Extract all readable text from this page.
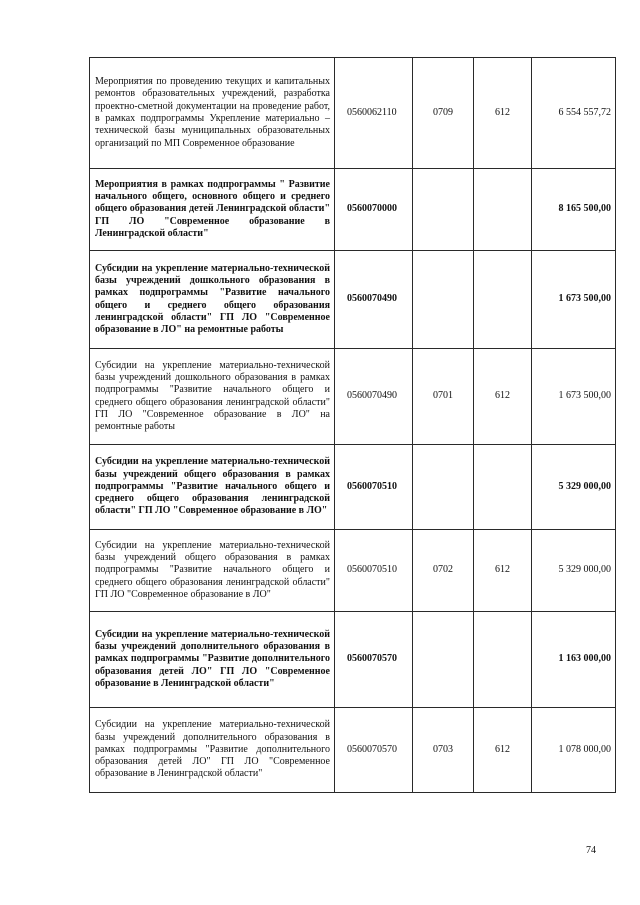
Мероприятия по проведению текущих и капитальных ремонтов образовательных учреждений, разработка проектно-сметной документации на проведение работ, в рамках подпрограммы Укрепление материально – технической базы муниципальных образовательных организаций по МП Современное образование	0560062110	0709	612	6 554 557,72
Мероприятия в рамках подпрограммы " Развитие начального общего, основного общего и среднего общего образования детей Ленинградской области" ГП ЛО "Современное образование в Ленинградской области"	0560070000			8 165 500,00
Субсидии на укрепление материально-технической базы учреждений дошкольного образования в рамках подпрограммы "Развитие начального общего и среднего общего образования ленинградской области" ГП ЛО "Современное образование в ЛО" на ремонтные работы	0560070490			1 673 500,00
Субсидии на укрепление материально-технической базы учреждений дошкольного образования в рамках подпрограммы "Развитие начального общего и среднего общего образования ленинградской области" ГП ЛО "Современное образование в ЛО" на ремонтные работы	0560070490	0701	612	1 673 500,00
Субсидии на укрепление материально-технической базы учреждений общего образования в рамках подпрограммы "Развитие начального общего и среднего общего образования ленинградской области" ГП ЛО "Современное образование в ЛО"	0560070510			5 329 000,00
Субсидии на укрепление материально-технической базы учреждений общего образования в рамках подпрограммы "Развитие начального общего и среднего общего образования ленинградской области" ГП ЛО "Современное образование в ЛО"	0560070510	0702	612	5 329 000,00
Субсидии на укрепление материально-технической базы учреждений дополнительного образования в рамках подпрограммы "Развитие дополнительного образования детей ЛО" ГП ЛО "Современное образование в Ленинградской области"	0560070570			1 163 000,00
Субсидии на укрепление материально-технической базы учреждений дополнительного образования в рамках подпрограммы "Развитие дополнительного образования детей ЛО" ГП ЛО "Современное образование в Ленинградской области"	0560070570	0703	612	1 078 000,00
74
